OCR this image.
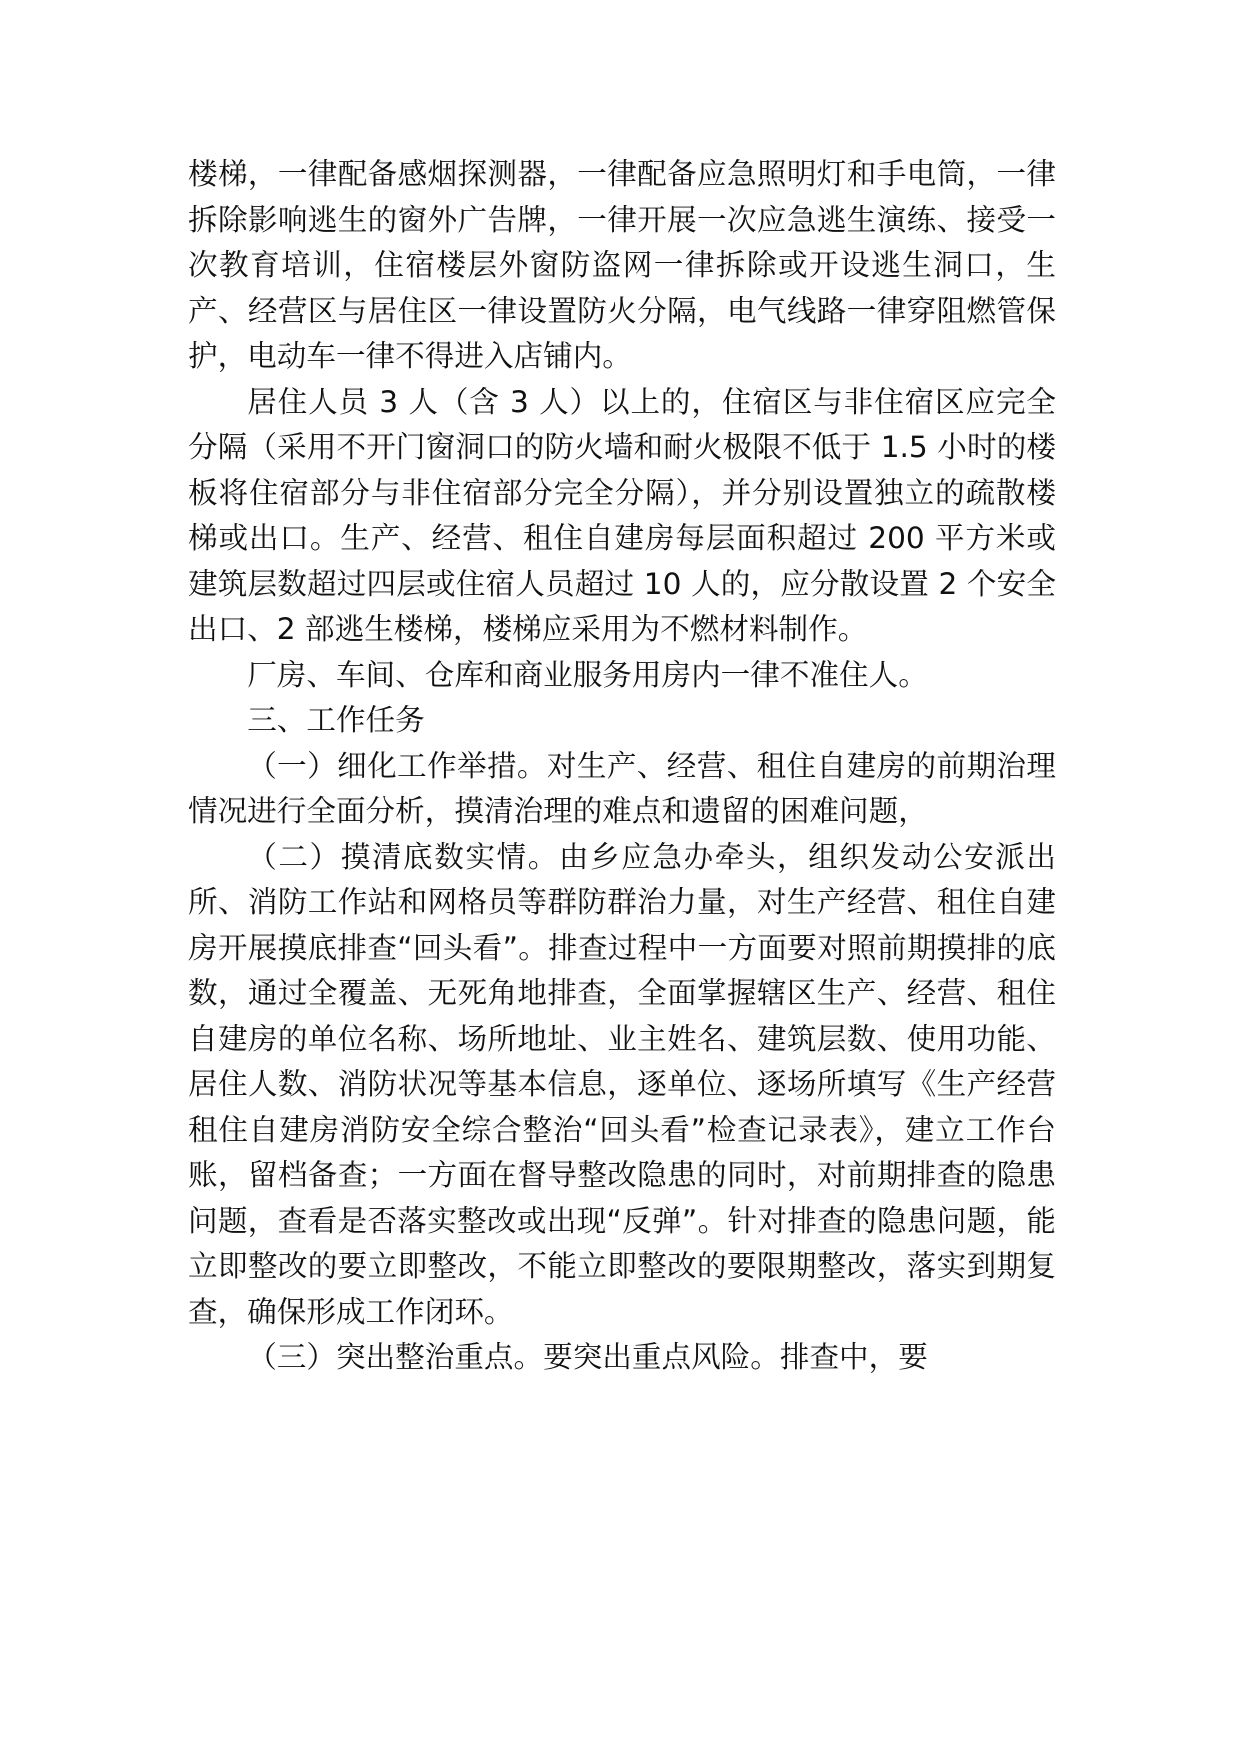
楼梯，一律配备感烟探测器，一律配备应急照明灯和手电筒，一律拆除影响逃生的窗外广告牌，一律开展一次应急逃生演练、接受一次教育培训，住宿楼层外窗防盗网一律拆除或开设逃生洞口，生产、经营区与居住区一律设置防火分隔，电气线路一律穿阻燃管保护，电动车一律不得进入店铺内。

居住人员 3 人（含 3 人）以上的，住宿区与非住宿区应完全分隔（采用不开门窗洞口的防火墙和耐火极限不低于 1.5 小时的楼板将住宿部分与非住宿部分完全分隔），并分别设置独立的疏散楼梯或出口。生产、经营、租住自建房每层面积超过 200 平方米或建筑层数超过四层或住宿人员超过 10 人的，应分散设置 2 个安全出口、2 部逃生楼梯，楼梯应采用为不燃材料制作。

厂房、车间、仓库和商业服务用房内一律不准住人。

三、工作任务

（一）细化工作举措。对生产、经营、租住自建房的前期治理情况进行全面分析，摸清治理的难点和遗留的困难问题，

（二）摸清底数实情。由乡应急办牵头，组织发动公安派出所、消防工作站和网格员等群防群治力量，对生产经营、租住自建房开展摸底排查“回头看”。排查过程中一方面要对照前期摸排的底数，通过全覆盖、无死角地排查，全面掌握辖区生产、经营、租住自建房的单位名称、场所地址、业主姓名、建筑层数、使用功能、居住人数、消防状况等基本信息，逐单位、逐场所填写《生产经营租住自建房消防安全综合整治“回头看”检查记录表》，建立工作台账，留档备查；一方面在督导整改隐患的同时，对前期排查的隐患问题，查看是否落实整改或出现“反弹”。针对排查的隐患问题，能立即整改的要立即整改，不能立即整改的要限期整改，落实到期复查，确保形成工作闭环。

（三）突出整治重点。要突出重点风险。排查中，要
